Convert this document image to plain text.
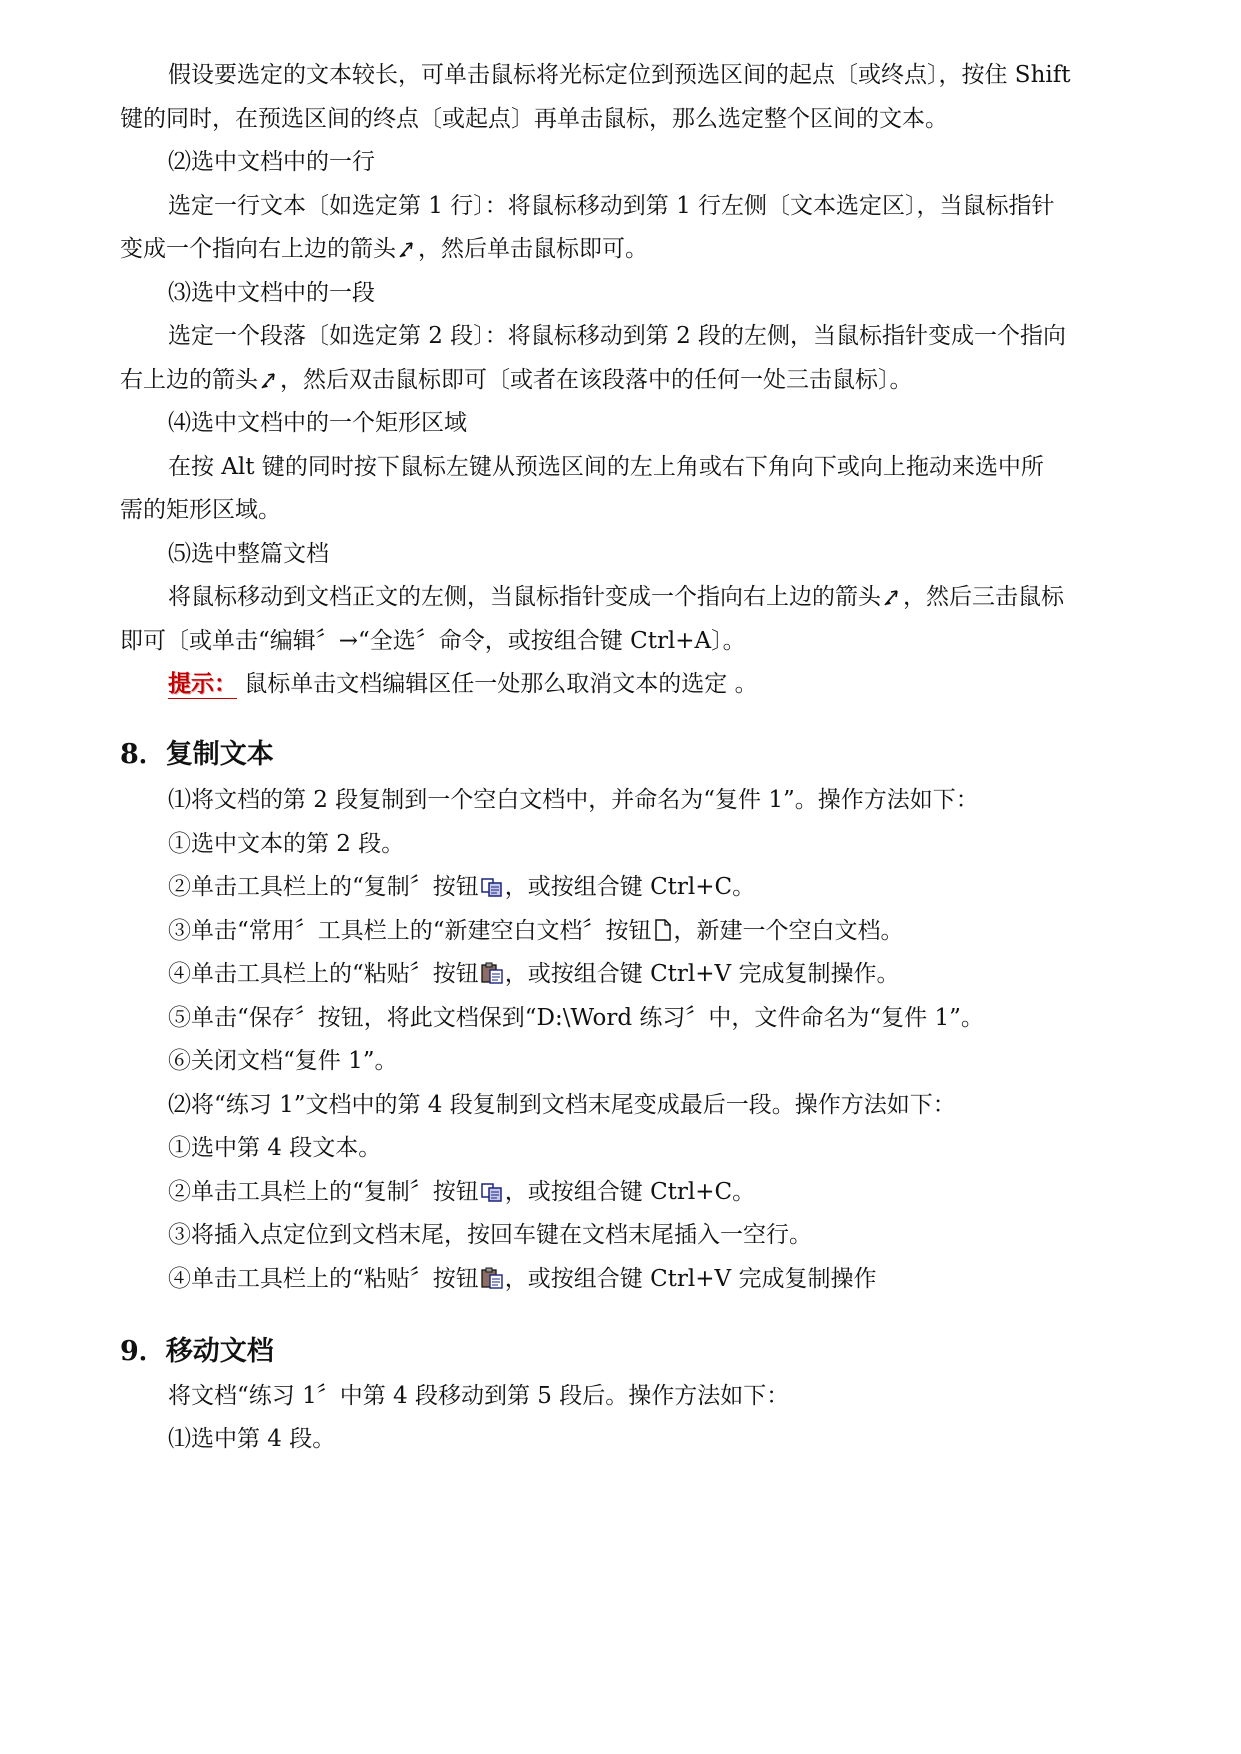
假设要选定的文本较长，可单击鼠标将光标定位到预选区间的起点〔或终点〕，按住 Shift
键的同时，在预选区间的终点〔或起点〕再单击鼠标，那么选定整个区间的文本。
⑵选中文档中的一行
选定一行文本〔如选定第 1 行〕：将鼠标移动到第 1 行左侧〔文本选定区〕，当鼠标指针
变成一个指向右上边的箭头 ，然后单击鼠标即可。
⑶选中文档中的一段
选定一个段落〔如选定第 2 段〕：将鼠标移动到第 2 段的左侧，当鼠标指针变成一个指向
右上边的箭头 ，然后双击鼠标即可〔或者在该段落中的任何一处三击鼠标〕。
⑷选中文档中的一个矩形区域
在按 Alt 键的同时按下鼠标左键从预选区间的左上角或右下角向下或向上拖动来选中所
需的矩形区域。
⑸选中整篇文档
将鼠标移动到文档正文的左侧，当鼠标指针变成一个指向右上边的箭头 ，然后三击鼠标
即可〔或单击“编辑〞→“全选〞命令，或按组合键 Ctrl+A〕。
提示： 鼠标单击文档编辑区任一处那么取消文本的选定 。
8．复制文本
⑴将文档的第 2 段复制到一个空白文档中，并命名为“复件 1”。操作方法如下：
①选中文本的第 2 段。
②单击工具栏上的“复制〞按钮 ，或按组合键 Ctrl+C。
③单击“常用〞工具栏上的“新建空白文档〞按钮 ，新建一个空白文档。
④单击工具栏上的“粘贴〞按钮 ，或按组合键 Ctrl+V 完成复制操作。
⑤单击“保存〞按钮，将此文档保到“D:\Word 练习〞中，文件命名为“复件 1”。
⑥关闭文档“复件 1”。
⑵将“练习 1”文档中的第 4 段复制到文档末尾变成最后一段。操作方法如下：
①选中第 4 段文本。
②单击工具栏上的“复制〞按钮 ，或按组合键 Ctrl+C。
③将插入点定位到文档末尾，按回车键在文档末尾插入一空行。
④单击工具栏上的“粘贴〞按钮 ，或按组合键 Ctrl+V 完成复制操作
9．移动文档
将文档“练习 1〞中第 4 段移动到第 5 段后。操作方法如下：
⑴选中第 4 段。
